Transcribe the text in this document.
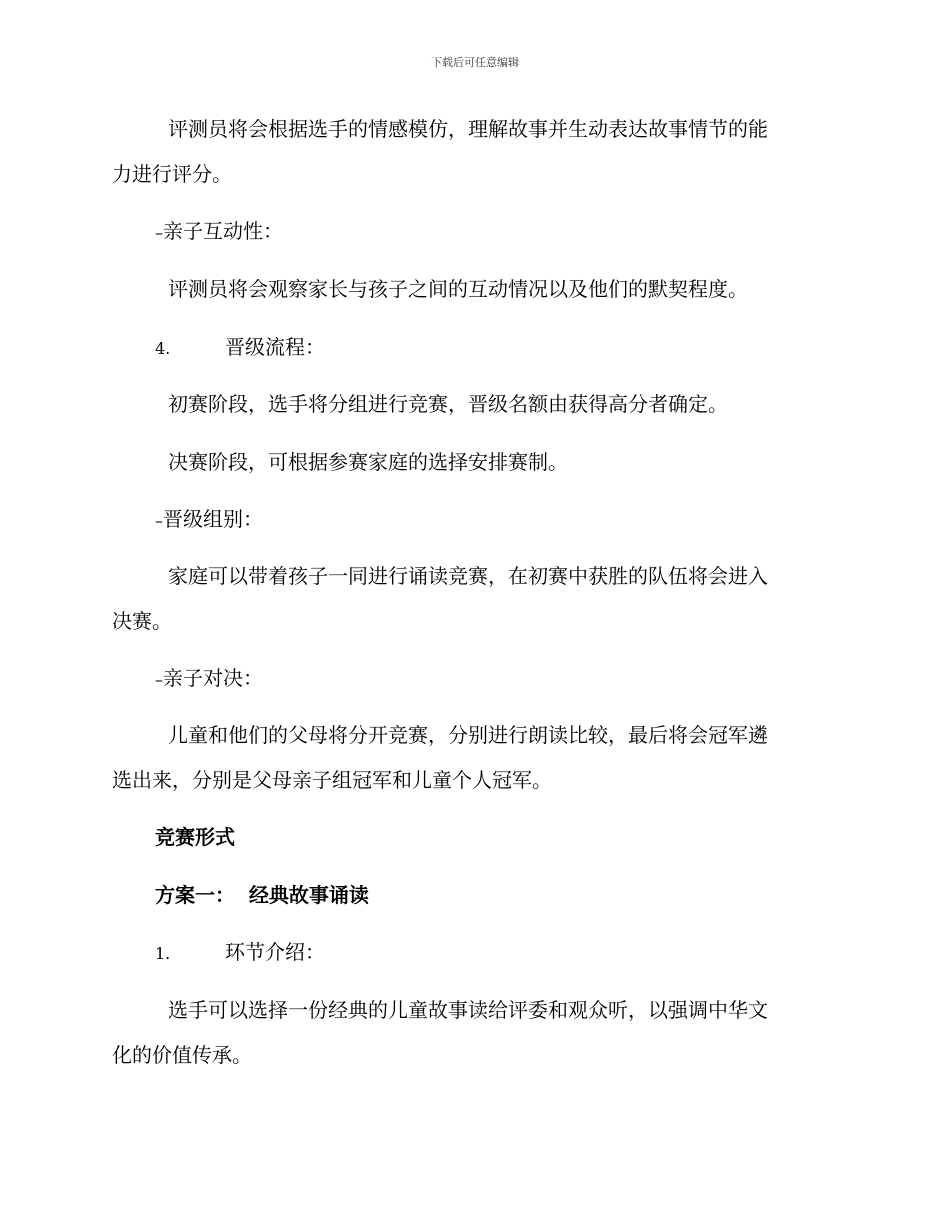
下载后可任意编辑
评测员将会根据选手的情感模仿，理解故事并生动表达故事情节的能
力进行评分。
–亲子互动性：
评测员将会观察家长与孩子之间的互动情况以及他们的默契程度。
4.	晋级流程：
初赛阶段，选手将分组进行竞赛，晋级名额由获得高分者确定。
决赛阶段，可根据参赛家庭的选择安排赛制。
–晋级组别：
家庭可以带着孩子一同进行诵读竞赛，在初赛中获胜的队伍将会进入
决赛。
–亲子对决：
儿童和他们的父母将分开竞赛，分别进行朗读比较，最后将会冠军遴
选出来，分别是父母亲子组冠军和儿童个人冠军。
竞赛形式
方案一：  经典故事诵读
1.	环节介绍：
选手可以选择一份经典的儿童故事读给评委和观众听，以强调中华文
化的价值传承。
